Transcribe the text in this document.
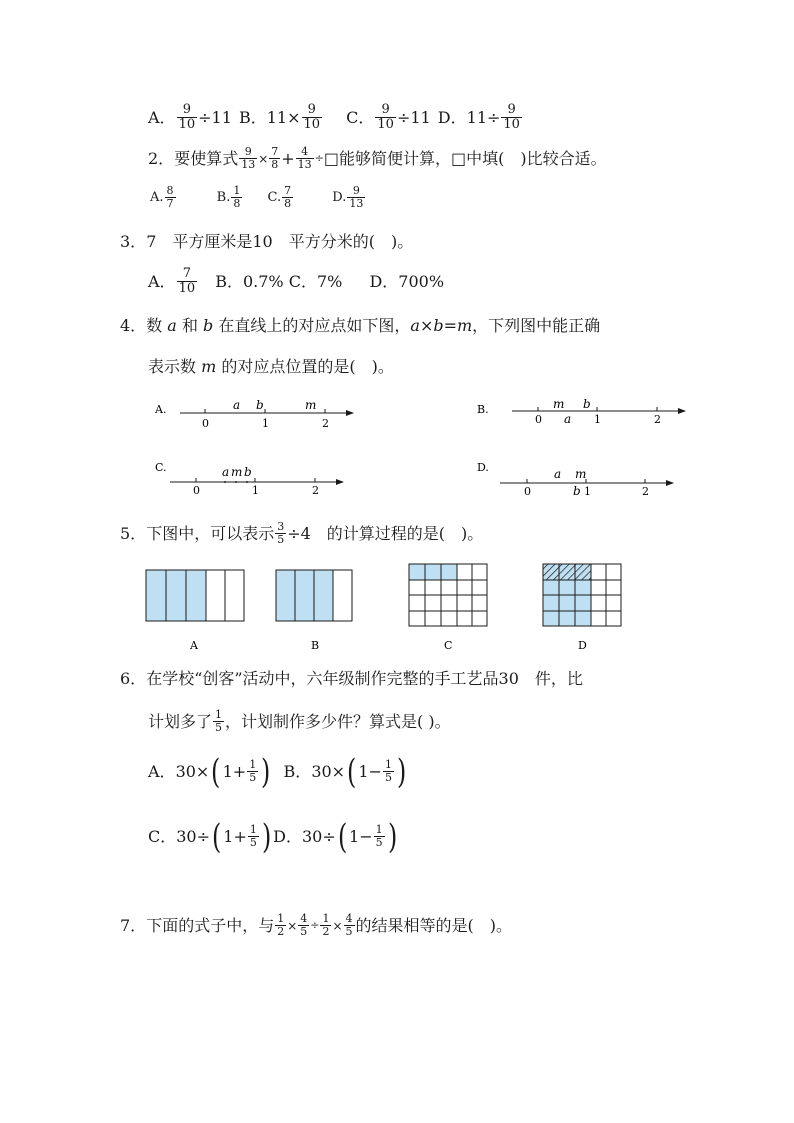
A． $\frac{9}{10} \div 11$ B．$11\times \frac{9}{10}$ C． $\frac{9}{10} \div 11$ D．$11\div \frac{9}{10}$
2．要使算式 $\frac{9}{13} \times \frac{7}{8} + \frac{4}{13}$ ÷□能够简便计算，□中填(　)比较合适。
A. $\frac{8}{7}$	B. $\frac{1}{8} C$. $\frac{7}{8}$	D. $\frac{9}{13}$
3．7　平方厘米是10　平方分米的(　)。
A． $\frac{7}{10}$ B．0.7% C．7% D．700%
4．数 a 和 b 在直线上的对应点如下图，a×b=m，下列图中能正确
表示数 m 的对应点位置的是(　)。
A.
0	1	2
a b	m	B.
0	1	2
m
a
b
C.
0	1	2
a m b	D.
0	1	2
a m
b
5．下图中，可以表示 $\frac{3}{5} \div 4$　的计算过程的是(　)。
A	B	C	D
6．在学校“创客”活动中，六年级制作完整的手工艺品30　件，比
计划多了 $\frac{1}{5}$ ，计划制作多少件？算式是( )。
A．30×( $1+ \frac{1}{5}$ ) B．30×( $1- \frac{1}{5}$ )
C．30÷( $1+ \frac{1}{5}$ ) D．30÷( $1- \frac{1}{5}$ )
7．下面的式子中，与 $\frac{1}{2} \times \frac{4}{5} \div \frac{1}{2} \times \frac{4}{5}$ 的结果相等的是(　)。
